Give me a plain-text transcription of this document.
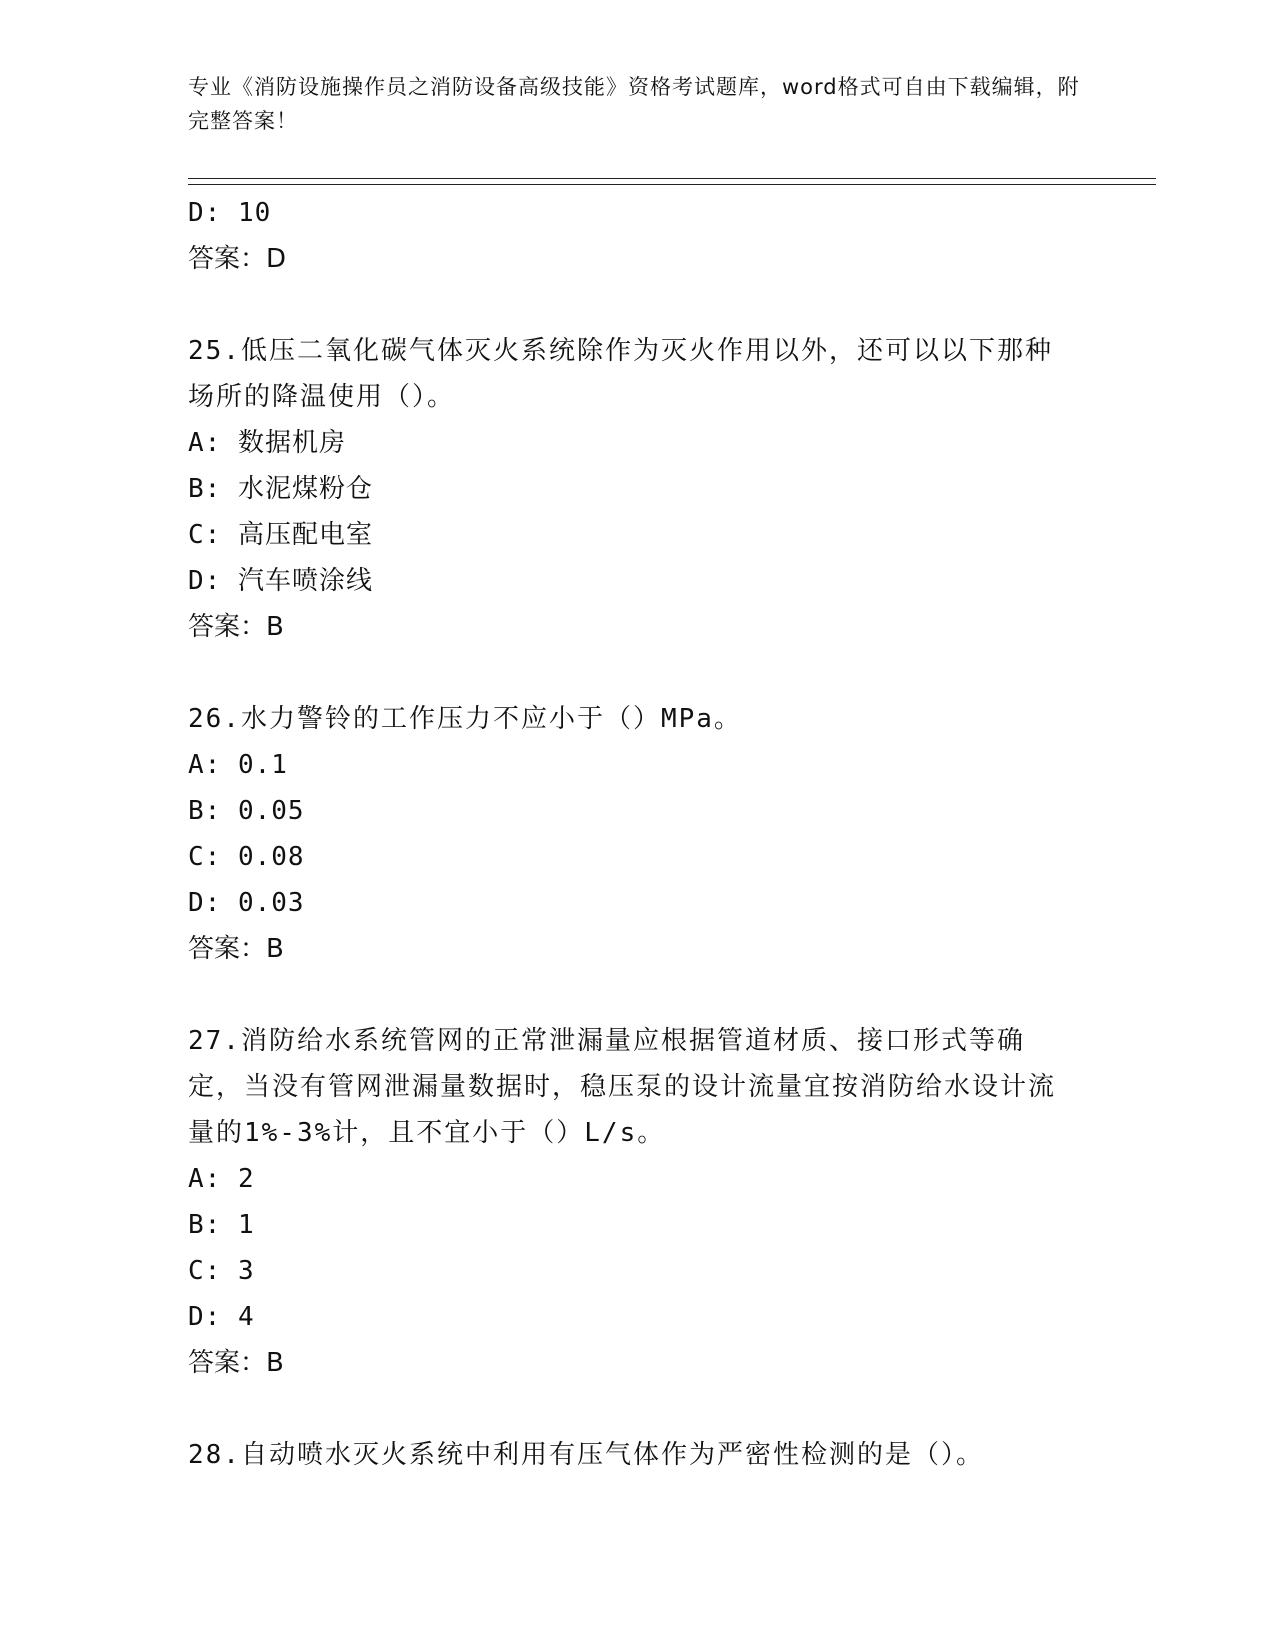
专业《消防设施操作员之消防设备高级技能》资格考试题库，word格式可自由下载编辑，附完整答案！
D: 10
答案：D
25.低压二氧化碳气体灭火系统除作为灭火作用以外，还可以以下那种场所的降温使用（）。
A: 数据机房
B: 水泥煤粉仓
C: 高压配电室
D: 汽车喷涂线
答案：B
26.水力警铃的工作压力不应小于（）MPa。
A: 0.1
B: 0.05
C: 0.08
D: 0.03
答案：B
27.消防给水系统管网的正常泄漏量应根据管道材质、接口形式等确定，当没有管网泄漏量数据时，稳压泵的设计流量宜按消防给水设计流量的1%-3%计，且不宜小于（）L/s。
A: 2
B: 1
C: 3
D: 4
答案：B
28.自动喷水灭火系统中利用有压气体作为严密性检测的是（）。
